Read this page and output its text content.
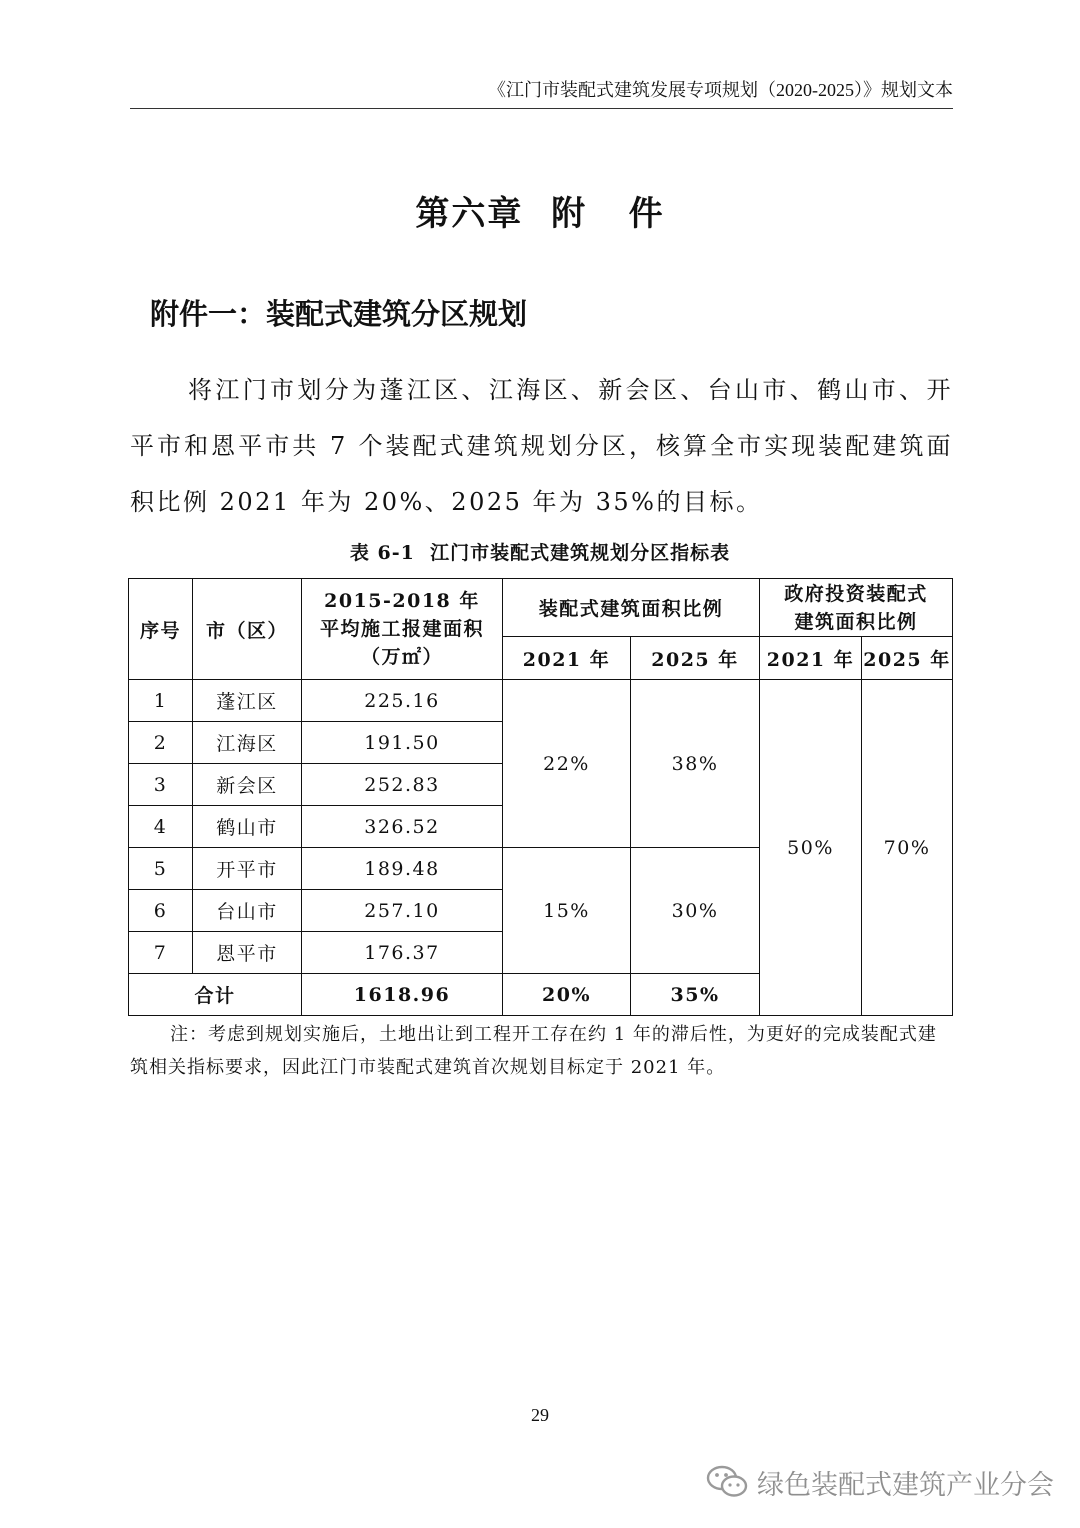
《江门市装配式建筑发展专项规划（2020-2025）》规划文本
第六章  附   件
附件一：装配式建筑分区规划
将江门市划分为蓬江区、江海区、新会区、台山市、鹤山市、开平市和恩平市共 7 个装配式建筑规划分区，核算全市实现装配建筑面积比例 2021 年为 20%、2025 年为 35%的目标。
表 6-1  江门市装配式建筑规划分区指标表
序号	市（区）	2015-2018 年平均施工报建面积（万㎡）	装配式建筑面积比例		政府投资装配式建筑面积比例	
			2021 年	2025 年	2021 年	2025 年
1	蓬江区	225.16	22%	38%	50%	70%
2	江海区	191.50				
3	新会区	252.83				
4	鹤山市	326.52				
5	开平市	189.48	15%	30%		
6	台山市	257.10				
7	恩平市	176.37				
合计		1618.96	20%	35%		
注：考虑到规划实施后，土地出让到工程开工存在约 1 年的滞后性，为更好的完成装配式建筑相关指标要求，因此江门市装配式建筑首次规划目标定于 2021 年。
29
绿色装配式建筑产业分会
